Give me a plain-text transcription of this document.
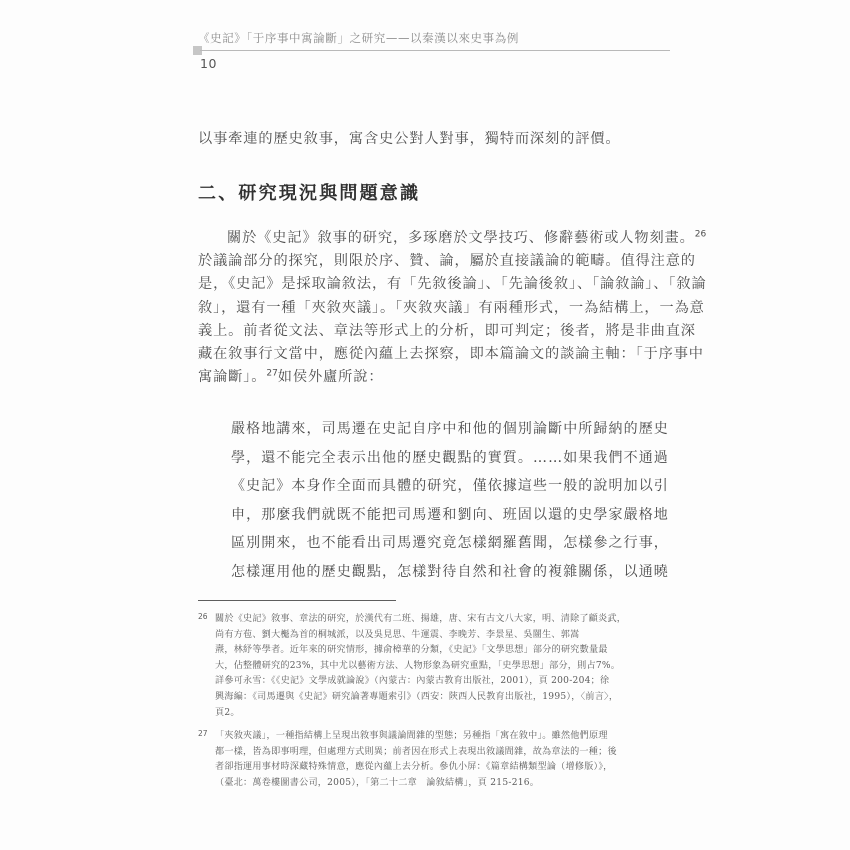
《史記》「于序事中寓論斷」之研究——以秦漢以來史事為例
10
以事牽連的歷史敘事，寓含史公對人對事，獨特而深刻的評價。
二、研究現況與問題意識
關於《史記》敘事的研究，多琢磨於文學技巧、修辭藝術或人物刻畫。$^{26}$
於議論部分的探究，則限於序、贊、論，屬於直接議論的範疇。值得注意的
是，《史記》是採取論敘法，有「先敘後論」、「先論後敘」、「論敘論」、「敘論
敘」，還有一種「夾敘夾議」。「夾敘夾議」有兩種形式，一為結構上，一為意
義上。前者從文法、章法等形式上的分析，即可判定；後者，將是非曲直深
藏在敘事行文當中，應從內蘊上去探察，即本篇論文的談論主軸：「于序事中
寓論斷」。$^{27}$如侯外廬所說：
嚴格地講來，司馬遷在史記自序中和他的個別論斷中所歸納的歷史
學，還不能完全表示出他的歷史觀點的實質。……如果我們不通過
《史記》本身作全面而具體的研究，僅依據這些一般的說明加以引
申，那麼我們就既不能把司馬遷和劉向、班固以還的史學家嚴格地
區別開來，也不能看出司馬遷究竟怎樣網羅舊聞，怎樣參之行事，
怎樣運用他的歷史觀點，怎樣對待自然和社會的複雜關係，以通曉
26 關於《史記》敘事、章法的研究，於漢代有二班、揚雄，唐、宋有古文八大家，明、清除了顧炎武，
尚有方苞、劉大櫆為首的桐城派，以及吳見思、牛運震、李晚芳、李景星、吳闓生、郭嵩
燾，林紓等學者。近年來的研究情形，據俞樟華的分類，《史記》「文學思想」部分的研究數量最
大，佔整體研究的23%，其中尤以藝術方法、人物形象為研究重點，「史學思想」部分，則占7%。
詳參可永雪：《《史記》文學成就論說》（內蒙古：內蒙古教育出版社，2001），頁 200-204；徐
興海編：《司馬遷與《史記》研究論著專題索引》（西安：陝西人民教育出版社，1995），〈前言〉，
頁2。
27 「夾敘夾議」，一種指結構上呈現出敘事與議論間雜的型態；另種指「寓在敘中」。雖然他們原理
都一樣，皆為即事明理，但處理方式則異；前者因在形式上表現出敘議間雜，故為章法的一種；後
者卻指運用事材時深藏特殊情意，應從內蘊上去分析。參仇小屏：《篇章結構類型論（增修版）》，
（臺北：萬卷樓圖書公司，2005），「第二十二章　論敘結構」，頁 215-216。
